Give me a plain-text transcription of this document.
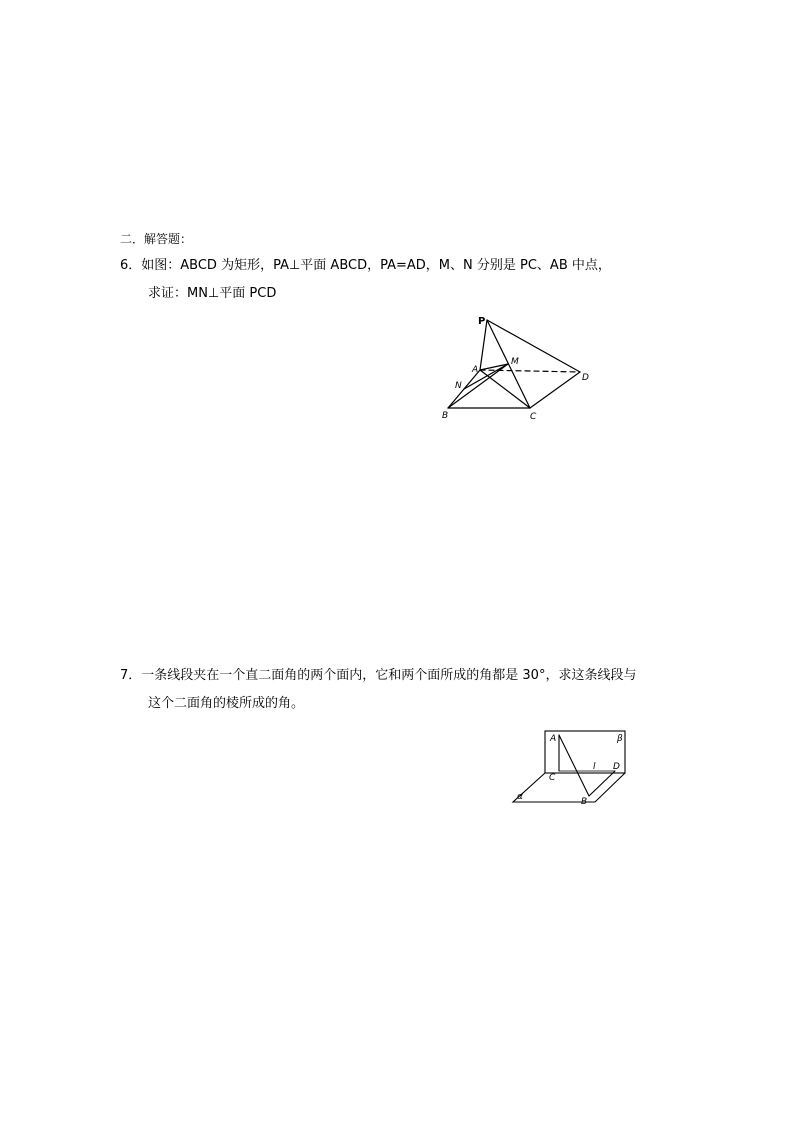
二．解答题：
6．如图：ABCD 为矩形，PA⊥平面 ABCD，PA=AD，M、N 分别是 PC、AB 中点，
求证：MN⊥平面 PCD
P
A
M
N
B	C
D
7．一条线段夹在一个直二面角的两个面内，它和两个面所成的角都是 30°，求这条线段与
这个二面角的棱所成的角。
A
C
B
D
l
α
β
